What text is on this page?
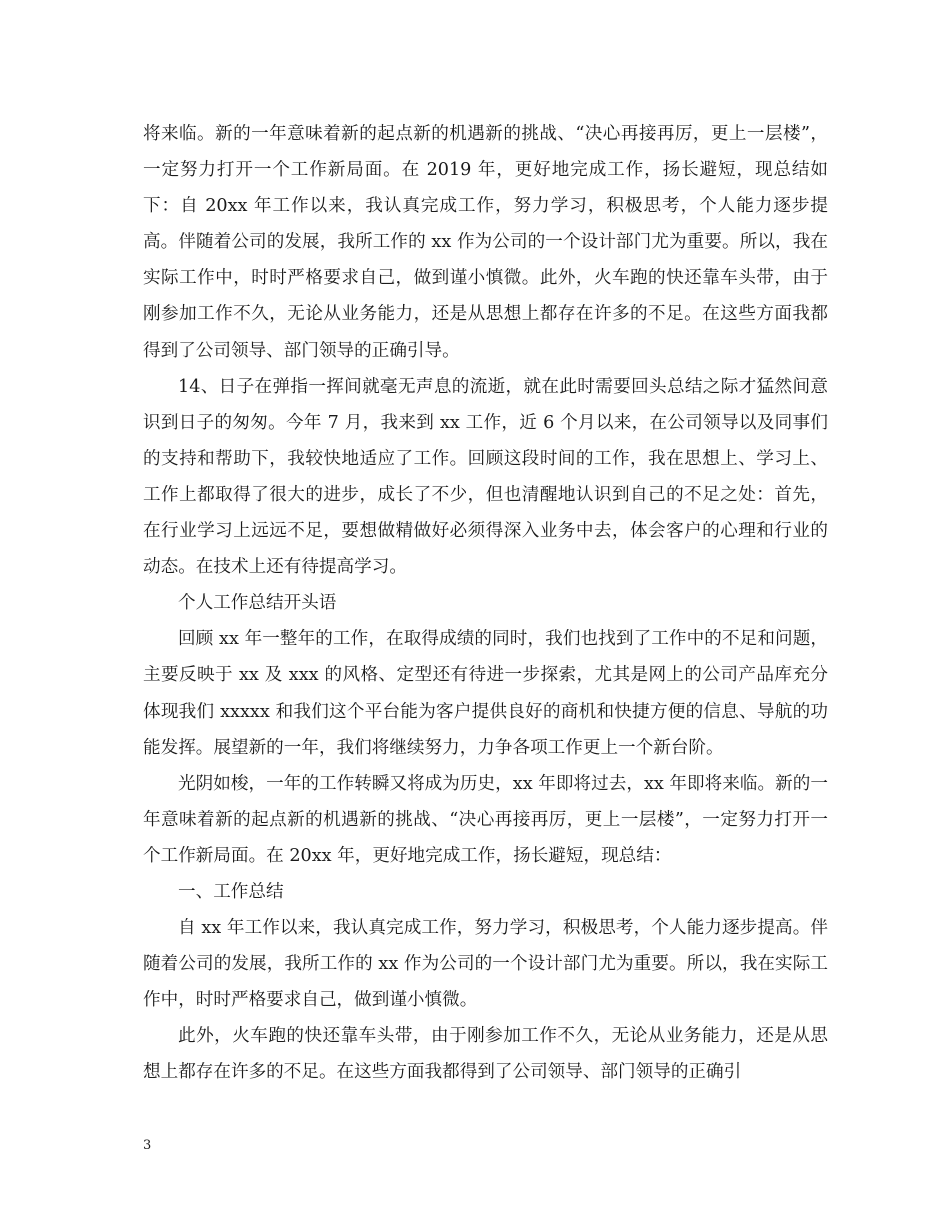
将来临。新的一年意味着新的起点新的机遇新的挑战、“决心再接再厉，更上一层楼”，一定努力打开一个工作新局面。在 2019 年，更好地完成工作，扬长避短，现总结如下：自 20xx 年工作以来，我认真完成工作，努力学习，积极思考，个人能力逐步提高。伴随着公司的发展，我所工作的 xx 作为公司的一个设计部门尤为重要。所以，我在实际工作中，时时严格要求自己，做到谨小慎微。此外，火车跑的快还靠车头带，由于刚参加工作不久，无论从业务能力，还是从思想上都存在许多的不足。在这些方面我都得到了公司领导、部门领导的正确引导。

14、日子在弹指一挥间就毫无声息的流逝，就在此时需要回头总结之际才猛然间意识到日子的匆匆。今年 7 月，我来到 xx 工作，近 6 个月以来，在公司领导以及同事们的支持和帮助下，我较快地适应了工作。回顾这段时间的工作，我在思想上、学习上、工作上都取得了很大的进步，成长了不少，但也清醒地认识到自己的不足之处：首先，在行业学习上远远不足，要想做精做好必须得深入业务中去，体会客户的心理和行业的动态。在技术上还有待提高学习。

个人工作总结开头语

回顾 xx 年一整年的工作，在取得成绩的同时，我们也找到了工作中的不足和问题，主要反映于 xx 及 xxx 的风格、定型还有待进一步探索，尤其是网上的公司产品库充分体现我们 xxxxx 和我们这个平台能为客户提供良好的商机和快捷方便的信息、导航的功能发挥。展望新的一年，我们将继续努力，力争各项工作更上一个新台阶。

光阴如梭，一年的工作转瞬又将成为历史，xx 年即将过去，xx 年即将来临。新的一年意味着新的起点新的机遇新的挑战、“决心再接再厉，更上一层楼”，一定努力打开一个工作新局面。在 20xx 年，更好地完成工作，扬长避短，现总结：

一、工作总结

自 xx 年工作以来，我认真完成工作，努力学习，积极思考，个人能力逐步提高。伴随着公司的发展，我所工作的 xx 作为公司的一个设计部门尤为重要。所以，我在实际工作中，时时严格要求自己，做到谨小慎微。

此外，火车跑的快还靠车头带，由于刚参加工作不久，无论从业务能力，还是从思想上都存在许多的不足。在这些方面我都得到了公司领导、部门领导的正确引

3
